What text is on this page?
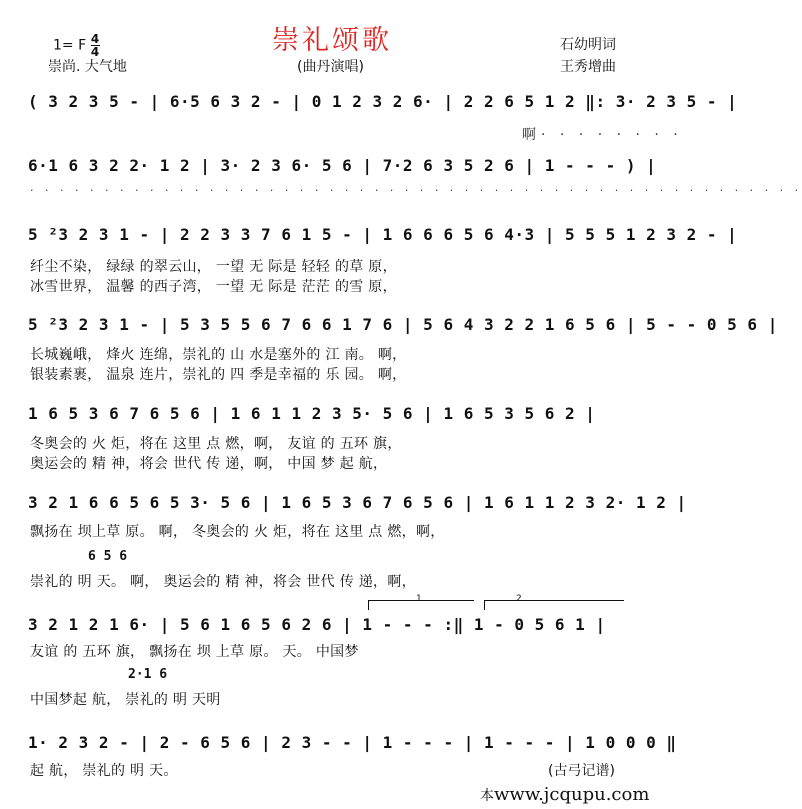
1= F $\frac{4}{4}$
崇尚. 大气地
崇礼颂歌
(曲丹演唱)
石幼明词
王秀增曲
( 3 2 3 5 - | 6·5 6 3 2 - | 0 1 2 3 2 6· | 2 2 6 5 1 2 ‖: 3· 2 3 5 - |
啊· · · · · · · ·
6·1 6 3 2 2· 1 2 | 3· 2 3 6· 5 6 | 7·2 6 3 5 2 6 | 1 - - - ) |
· · · · · · · · · · · · · · · · · · · · · · · · · · · · · · · · · · · · · · · · · · · · · · · · · · · ·
5 ²3 2 3 1 - | 2 2 3 3 7 6 1 5 - | 1 6 6 6 5 6 4·3 | 5 5 5 1 2 3 2 - |
纤尘不染， 绿绿 的翠云山， 一望 无 际是 轻轻 的草 原，
冰雪世界， 温馨 的西子湾， 一望 无 际是 茫茫 的雪 原，
5 ²3 2 3 1 - | 5 3 5 5 6 7 6 6 1 7 6 | 5 6 4 3 2 2 1 6 5 6 | 5 - - 0 5 6 |
长城巍峨， 烽火 连绵，崇礼的 山 水是塞外的 江 南。 啊，
银装素裹， 温泉 连片，崇礼的 四 季是幸福的 乐 园。 啊，
1 6 5 3 6 7 6 5 6 | 1 6 1 1 2 3 5· 5 6 | 1 6 5 3 5 6 2 |
冬奥会的 火 炬，将在 这里 点 燃，啊， 友谊 的 五环 旗，
奥运会的 精 神，将会 世代 传 递，啊， 中国 梦 起 航，
3 2 1 6 6 5 6 5 3· 5 6 | 1 6 5 3 6 7 6 5 6 | 1 6 1 1 2 3 2· 1 2 |
飘扬在 坝上草 原。 啊， 冬奥会的 火 炬，将在 这里 点 燃，啊，
6 5 6
崇礼的 明 天。 啊， 奥运会的 精 神，将会 世代 传 递，啊，
1	2
3 2 1 2 1 6· | 5 6 1 6 5 6 2 6 | 1 - - - :‖ 1 - 0 5 6 1 |
友谊 的 五环 旗， 飘扬在 坝 上草 原。 天。 中国梦
2·1 6
中国梦起 航， 崇礼的 明 天明
1· 2 3 2 - | 2 - 6 5 6 | 2 3 - - | 1 - - - | 1 - - - | 1 0 0 0 ‖
起 航， 崇礼的 明 天。	(古弓记谱)
本www.jcqupu.com
